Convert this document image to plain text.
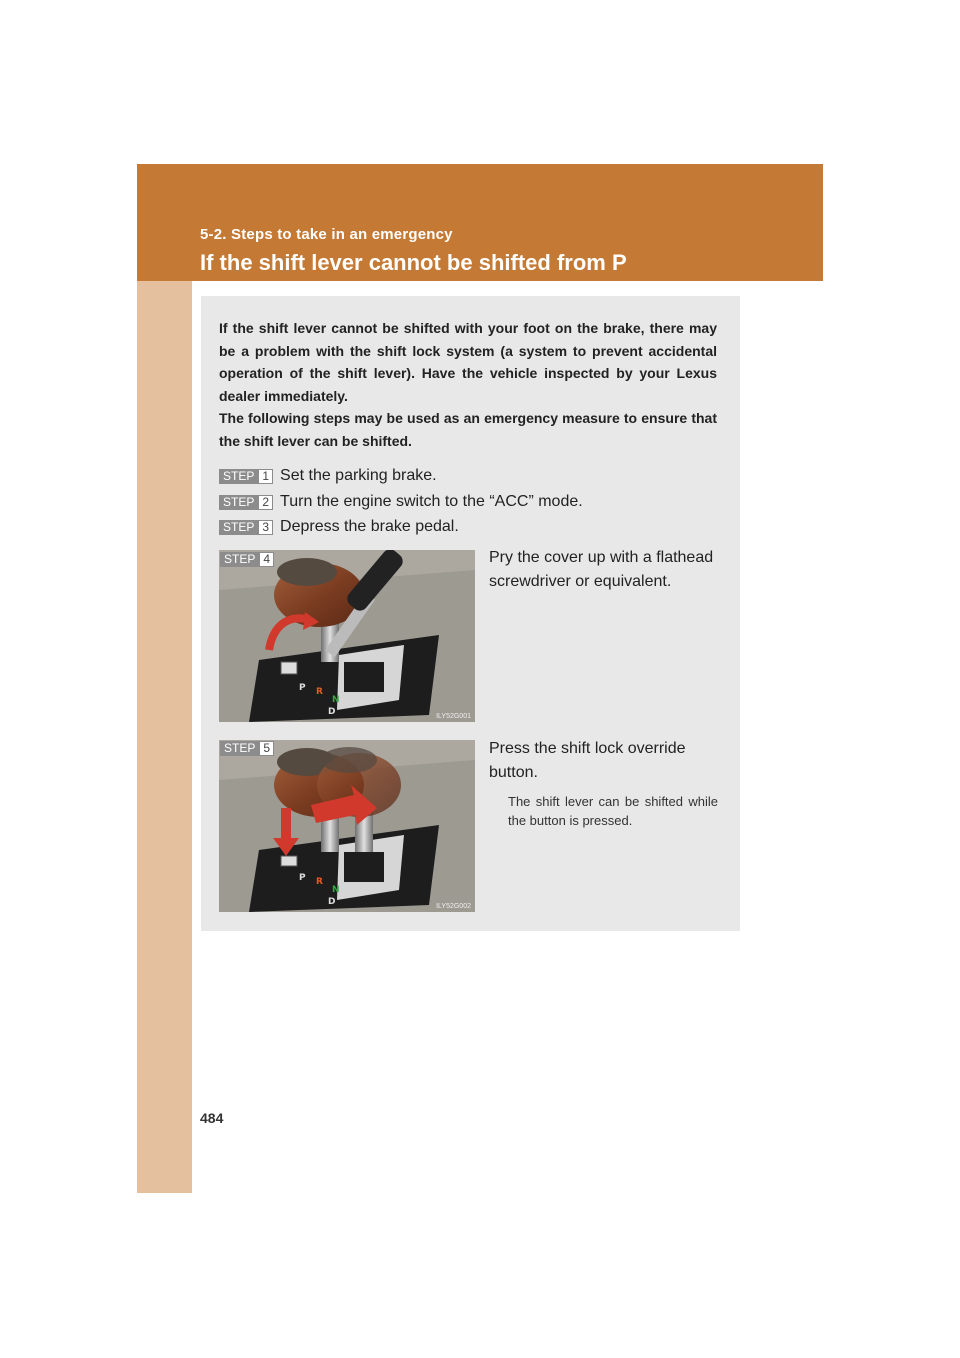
5-2. Steps to take in an emergency
If the shift lever cannot be shifted from P

If the shift lever cannot be shifted with your foot on the brake, there may be a problem with the shift lock system (a system to prevent accidental operation of the shift lever). Have the vehicle inspected by your Lexus dealer immediately.

The following steps may be used as an emergency measure to ensure that the shift lever can be shifted.

STEP 1 Set the parking brake.
STEP 2 Turn the engine switch to the “ACC” mode.
STEP 3 Depress the brake pedal.
P R
N
D	ILY52G001
STEP 4	Pry the cover up with a flathead screwdriver or equivalent.
P R
N
D	ILY52G002
STEP 5	Press the shift lock override button.
The shift lever can be shifted while the button is pressed.
484
